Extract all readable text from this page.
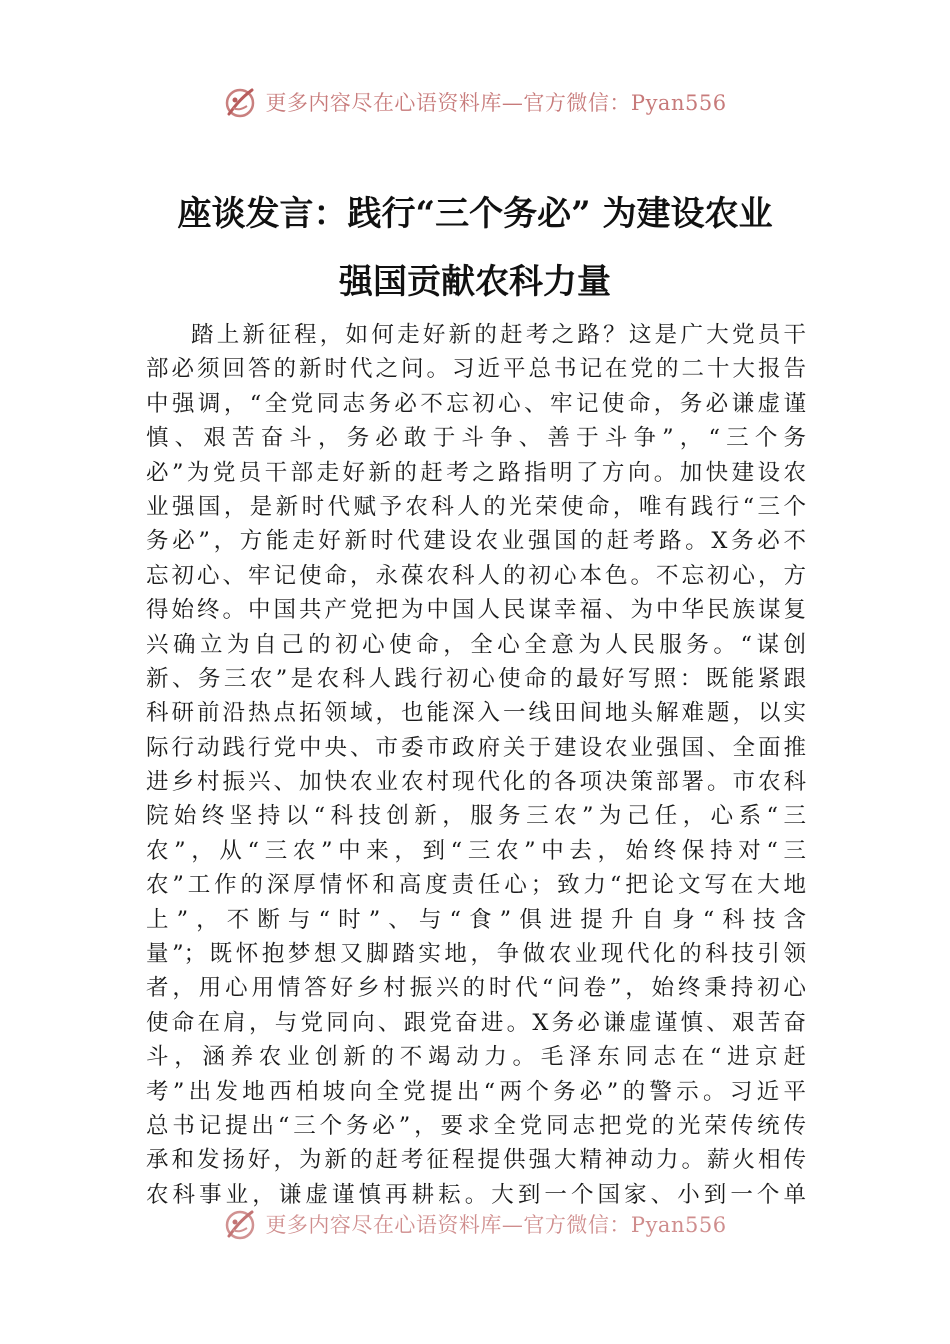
更多内容尽在心语资料库—官方微信：Pyan556
座谈发言：践行“三个务必” 为建设农业
强国贡献农科力量
踏上新征程，如何走好新的赶考之路？这是广大党员干
部必须回答的新时代之问。习近平总书记在党的二十大报告
中强调，“全党同志务必不忘初心、牢记使命，务必谦虚谨
慎、艰苦奋斗，务必敢于斗争、善于斗争”，“三个务
必”为党员干部走好新的赶考之路指明了方向。加快建设农
业强国，是新时代赋予农科人的光荣使命，唯有践行“三个
务必”，方能走好新时代建设农业强国的赶考路。X务必不
忘初心、牢记使命，永葆农科人的初心本色。不忘初心，方
得始终。中国共产党把为中国人民谋幸福、为中华民族谋复
兴确立为自己的初心使命，全心全意为人民服务。“谋创
新、务三农”是农科人践行初心使命的最好写照：既能紧跟
科研前沿热点拓领域，也能深入一线田间地头解难题，以实
际行动践行党中央、市委市政府关于建设农业强国、全面推
进乡村振兴、加快农业农村现代化的各项决策部署。市农科
院始终坚持以“科技创新，服务三农”为己任，心系“三
农”，从“三农”中来，到“三农”中去，始终保持对“三
农”工作的深厚情怀和高度责任心；致力“把论文写在大地
上”，不断与“时”、与“食”俱进提升自身“科技含
量”；既怀抱梦想又脚踏实地，争做农业现代化的科技引领
者，用心用情答好乡村振兴的时代“问卷”，始终秉持初心
使命在肩，与党同向、跟党奋进。X务必谦虚谨慎、艰苦奋
斗，涵养农业创新的不竭动力。毛泽东同志在“进京赶
考”出发地西柏坡向全党提出“两个务必”的警示。习近平
总书记提出“三个务必”，要求全党同志把党的光荣传统传
承和发扬好，为新的赶考征程提供强大精神动力。薪火相传
农科事业，谦虚谨慎再耕耘。大到一个国家、小到一个单
更多内容尽在心语资料库—官方微信：Pyan556
